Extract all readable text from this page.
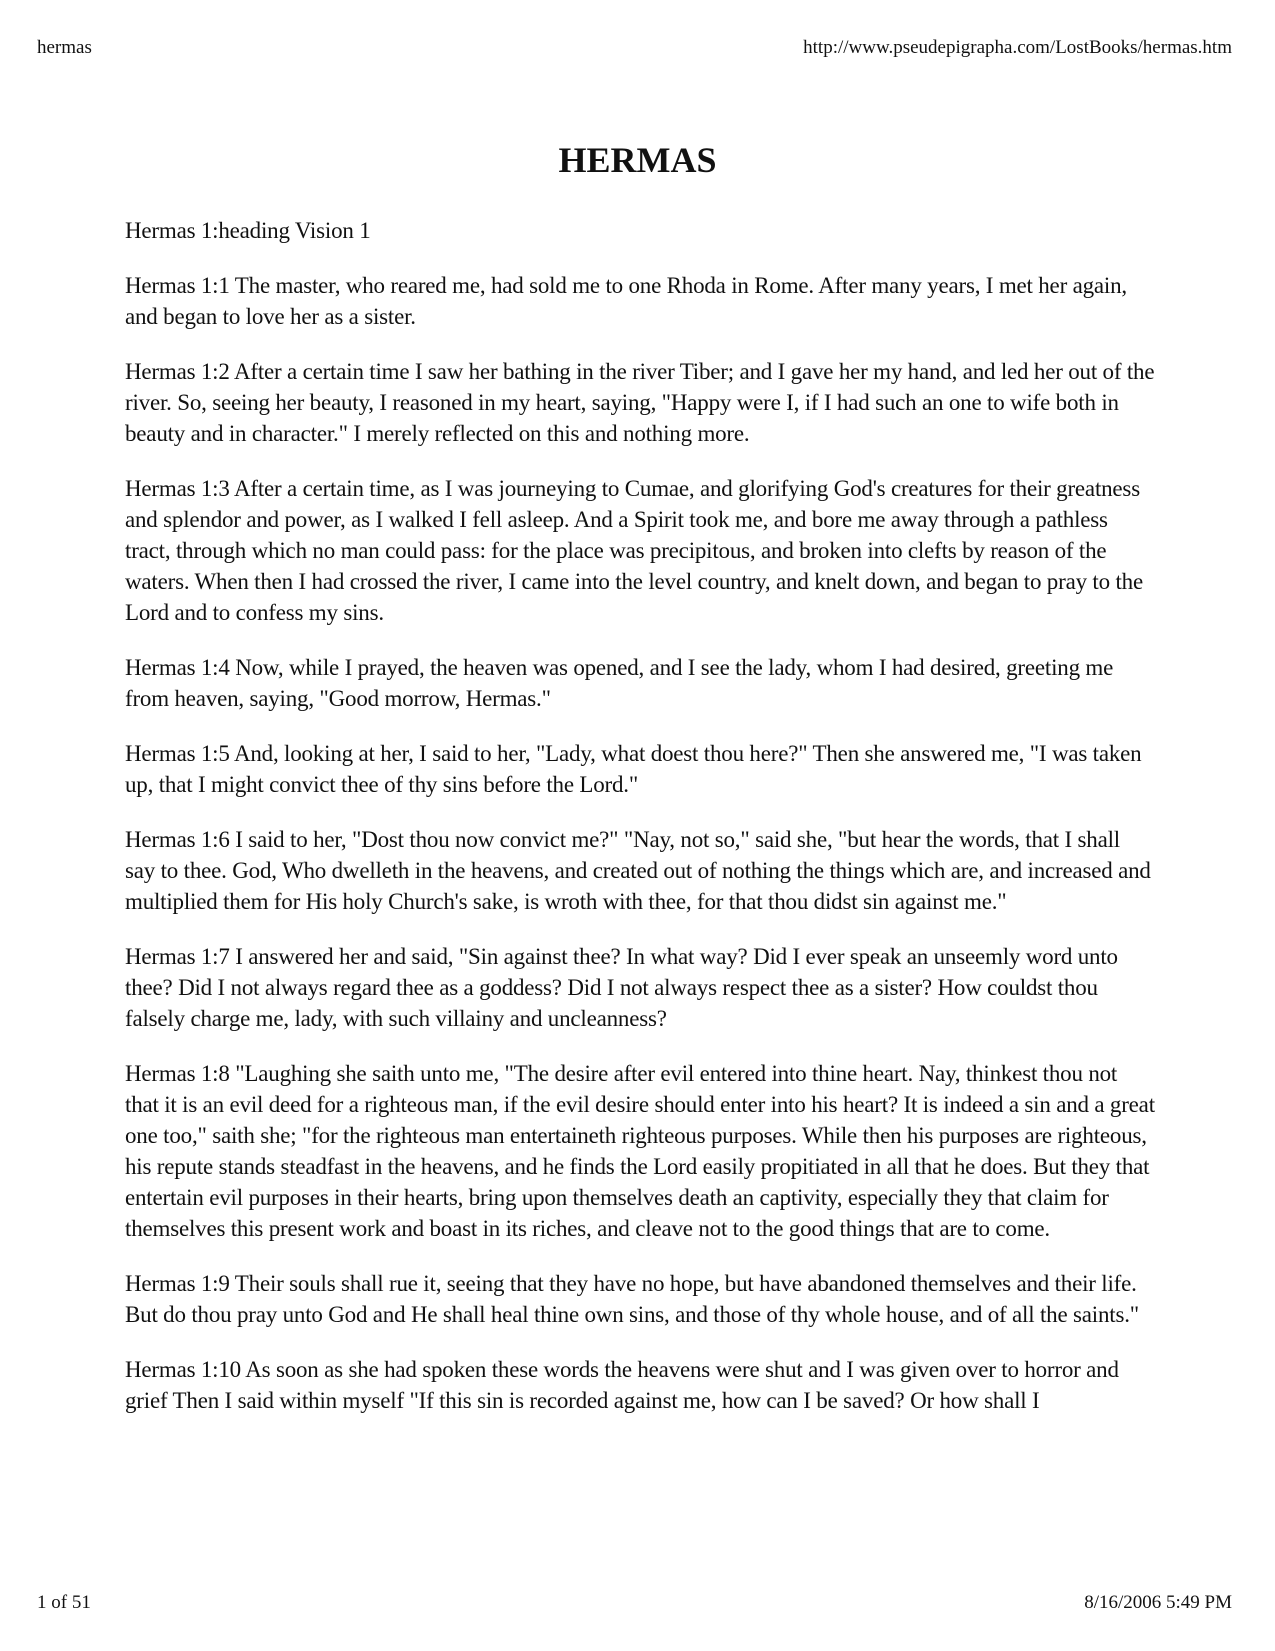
hermas	http://www.pseudepigrapha.com/LostBooks/hermas.htm
HERMAS

Hermas 1:heading Vision 1

Hermas 1:1 The master, who reared me, had sold me to one Rhoda in Rome. After many years, I met her again, and began to love her as a sister.

Hermas 1:2 After a certain time I saw her bathing in the river Tiber; and I gave her my hand, and led her out of the river. So, seeing her beauty, I reasoned in my heart, saying, "Happy were I, if I had such an one to wife both in beauty and in character." I merely reflected on this and nothing more.

Hermas 1:3 After a certain time, as I was journeying to Cumae, and glorifying God's creatures for their greatness and splendor and power, as I walked I fell asleep. And a Spirit took me, and bore me away through a pathless tract, through which no man could pass: for the place was precipitous, and broken into clefts by reason of the waters. When then I had crossed the river, I came into the level country, and knelt down, and began to pray to the Lord and to confess my sins.

Hermas 1:4 Now, while I prayed, the heaven was opened, and I see the lady, whom I had desired, greeting me from heaven, saying, "Good morrow, Hermas."

Hermas 1:5 And, looking at her, I said to her, "Lady, what doest thou here?" Then she answered me, "I was taken up, that I might convict thee of thy sins before the Lord."

Hermas 1:6 I said to her, "Dost thou now convict me?" "Nay, not so," said she, "but hear the words, that I shall say to thee. God, Who dwelleth in the heavens, and created out of nothing the things which are, and increased and multiplied them for His holy Church's sake, is wroth with thee, for that thou didst sin against me."

Hermas 1:7 I answered her and said, "Sin against thee? In what way? Did I ever speak an unseemly word unto thee? Did I not always regard thee as a goddess? Did I not always respect thee as a sister? How couldst thou falsely charge me, lady, with such villainy and uncleanness?

Hermas 1:8 "Laughing she saith unto me, "The desire after evil entered into thine heart. Nay, thinkest thou not that it is an evil deed for a righteous man, if the evil desire should enter into his heart? It is indeed a sin and a great one too," saith she; "for the righteous man entertaineth righteous purposes. While then his purposes are righteous, his repute stands steadfast in the heavens, and he finds the Lord easily propitiated in all that he does. But they that entertain evil purposes in their hearts, bring upon themselves death an captivity, especially they that claim for themselves this present work and boast in its riches, and cleave not to the good things that are to come.

Hermas 1:9 Their souls shall rue it, seeing that they have no hope, but have abandoned themselves and their life. But do thou pray unto God and He shall heal thine own sins, and those of thy whole house, and of all the saints."

Hermas 1:10 As soon as she had spoken these words the heavens were shut and I was given over to horror and grief Then I said within myself "If this sin is recorded against me, how can I be saved? Or how shall I

1 of 51	8/16/2006 5:49 PM
